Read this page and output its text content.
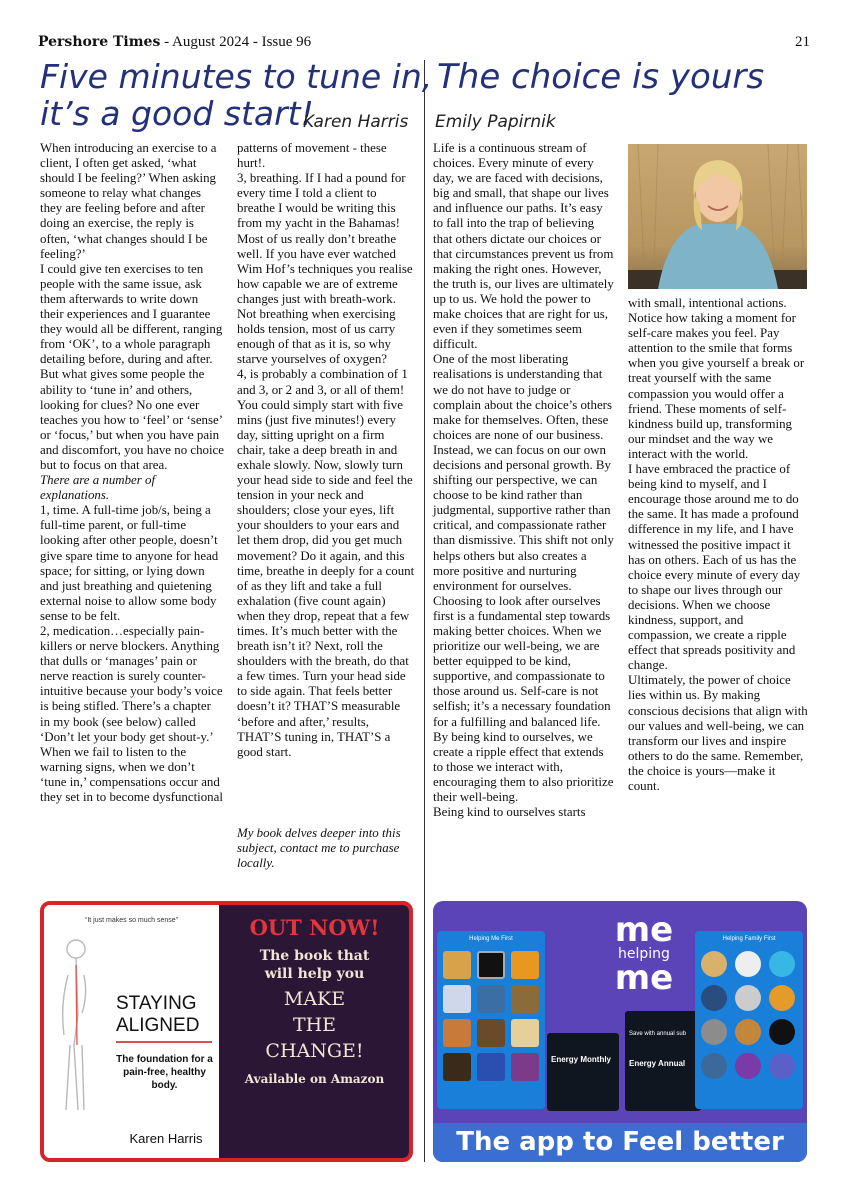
Pershore Times - August 2024 - Issue 96	21
Five minutes to tune in,
it’s a good start!
Karen Harris

When introducing an exercise to a client, I often get asked, ‘what should I be feeling?’ When asking someone to relay what changes they are feeling before and after doing an exercise, the reply is often, ‘what changes should I be feeling?’

I could give ten exercises to ten people with the same issue, ask them afterwards to write down their experiences and I guarantee they would all be different, ranging from ‘OK’, to a whole paragraph detailing before, during and after. But what gives some people the ability to ‘tune in’ and others, looking for clues? No one ever teaches you how to ‘feel’ or ‘sense’ or ‘focus,’ but when you have pain and discomfort, you have no choice but to focus on that area.

There are a number of explanations.

1, time. A full-time job/s, being a full-time parent, or full-time looking after other people, doesn’t give spare time to anyone for head space; for sitting, or lying down and just breathing and quietening external noise to allow some body sense to be felt.

2, medication…especially pain-killers or nerve blockers. Anything that dulls or ‘manages’ pain or nerve reaction is surely counter-intuitive because your body’s voice is being stifled. There’s a chapter in my book (see below) called ‘Don’t let your body get shout-y.’ When we fail to listen to the warning signs, when we don’t ‘tune in,’ compensations occur and they set in to become dysfunctional

patterns of movement - these hurt!.

3, breathing. If I had a pound for every time I told a client to breathe I would be writing this from my yacht in the Bahamas! Most of us really don’t breathe well. If you have ever watched Wim Hof’s techniques you realise how capable we are of extreme changes just with breath-work. Not breathing when exercising holds tension, most of us carry enough of that as it is, so why starve yourselves of oxygen?

4, is probably a combination of 1 and 3, or 2 and 3, or all of them!

You could simply start with five mins (just five minutes!) every day, sitting upright on a firm chair, take a deep breath in and exhale slowly. Now, slowly turn your head side to side and feel the tension in your neck and shoulders; close your eyes, lift your shoulders to your ears and let them drop, did you get much movement? Do it again, and this time, breathe in deeply for a count of as they lift and take a full exhalation (five count again) when they drop, repeat that a few times. It’s much better with the breath isn’t it? Next, roll the shoulders with the breath, do that a few times. Turn your head side to side again. That feels better doesn’t it? THAT’S measurable ‘before and after,’ results, THAT’S tuning in, THAT’S a good start.

My book delves deeper into this subject, contact me to purchase locally.
The choice is yours
Emily Papirnik

Life is a continuous stream of choices. Every minute of every day, we are faced with decisions, big and small, that shape our lives and influence our paths. It’s easy to fall into the trap of believing that others dictate our choices or that circumstances prevent us from making the right ones. However, the truth is, our lives are ultimately up to us. We hold the power to make choices that are right for us, even if they sometimes seem difficult.

One of the most liberating realisations is understanding that we do not have to judge or complain about the choice’s others make for themselves. Often, these choices are none of our business. Instead, we can focus on our own decisions and personal growth. By shifting our perspective, we can choose to be kind rather than judgmental, supportive rather than critical, and compassionate rather than dismissive. This shift not only helps others but also creates a more positive and nurturing environment for ourselves.

Choosing to look after ourselves first is a fundamental step towards making better choices. When we prioritize our well-being, we are better equipped to be kind, supportive, and compassionate to those around us. Self-care is not selfish; it’s a necessary foundation for a fulfilling and balanced life. By being kind to ourselves, we create a ripple effect that extends to those we interact with, encouraging them to also prioritize their well-being.

Being kind to ourselves starts

with small, intentional actions. Notice how taking a moment for self-care makes you feel. Pay attention to the smile that forms when you give yourself a break or treat yourself with the same compassion you would offer a friend. These moments of self-kindness build up, transforming our mindset and the way we interact with the world.

I have embraced the practice of being kind to myself, and I encourage those around me to do the same. It has made a profound difference in my life, and I have witnessed the positive impact it has on others. Each of us has the choice every minute of every day to shape our lives through our decisions. When we choose kindness, support, and compassion, we create a ripple effect that spreads positivity and change.

Ultimately, the power of choice lies within us. By making conscious decisions that align with our values and well-being, we can transform our lives and inspire others to do the same. Remember, the choice is yours—make it count.

“It just makes so much sense”
STAYING
ALIGNED
The foundation for a pain-free, healthy body.
Karen Harris
OUT NOW!
The book that
will help you
MAKE
THE
CHANGE!
Available on Amazon
Helping Me First	me
helping
me
Energy Monthly
Save with annual sub
Energy Annual
Helping Family First
The app to Feel better
